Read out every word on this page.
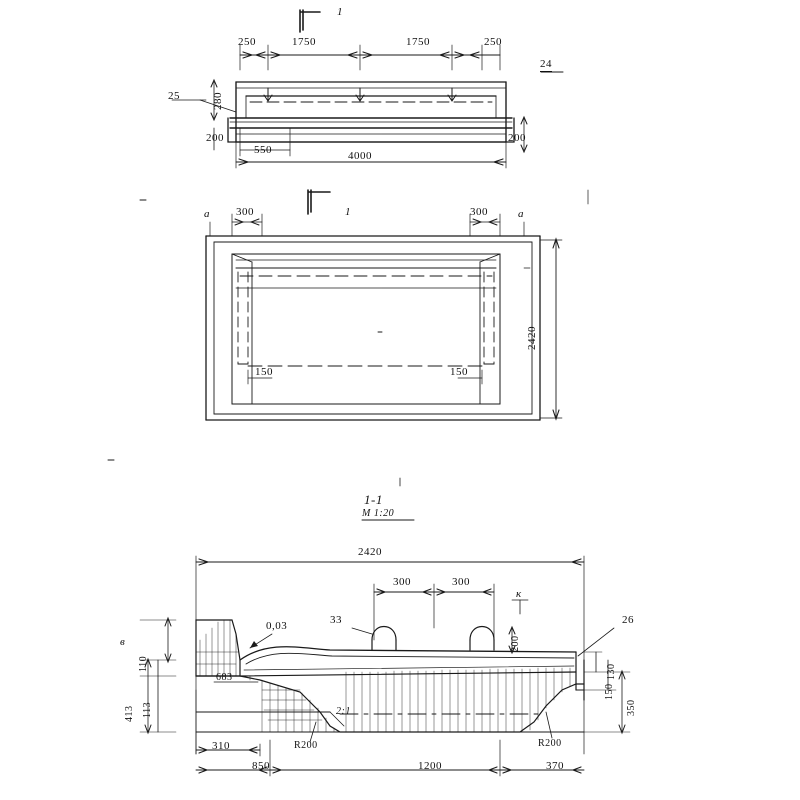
1
250	1750	1750	250
24
25	280
200
550
200
4000
1
а	а
300	300
150	150
2420
1-1
М 1:20
2420
300	300
к
26
33
0,03
в
110
413 113
683
200
130
150
350
R200	R200
2:1
310
850	1200	370
